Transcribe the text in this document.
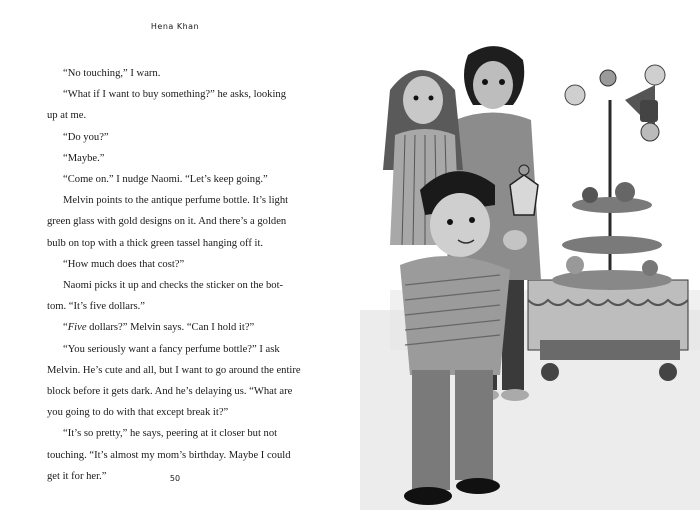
Hena Khan

“No touching,” I warn.

“What if I want to buy something?” he asks, looking

up at me.

“Do you?”

“Maybe.”

“Come on.” I nudge Naomi. “Let’s keep going.”

Melvin points to the antique perfume bottle. It’s light

green glass with gold designs on it. And there’s a golden

bulb on top with a thick green tassel hanging off it.

“How much does that cost?”

Naomi picks it up and checks the sticker on the bot-

tom. “It’s five dollars.”

“Five dollars?” Melvin says. “Can I hold it?”

“You seriously want a fancy perfume bottle?” I ask

Melvin. He’s cute and all, but I want to go around the entire

block before it gets dark. And he’s delaying us. “What are

you going to do with that except break it?”

“It’s so pretty,” he says, peering at it closer but not

touching. “It’s almost my mom’s birthday. Maybe I could

get it for her.”	50
